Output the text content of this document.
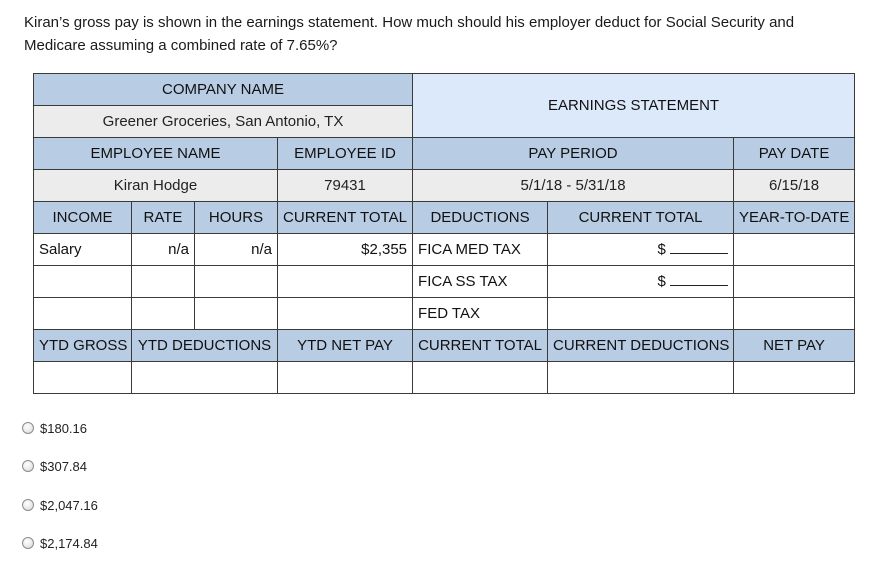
Kiran’s gross pay is shown in the earnings statement. How much should his employer deduct for Social Security and Medicare assuming a combined rate of 7.65%?
COMPANY NAME				EARNINGS STATEMENT		
Greener Groceries, San Antonio, TX						
EMPLOYEE NAME			EMPLOYEE ID	PAY PERIOD		PAY DATE
Kiran Hodge			79431	5/1/18 - 5/31/18		6/15/18
INCOME	RATE	HOURS	CURRENT TOTAL	DEDUCTIONS	CURRENT TOTAL	YEAR-TO-DATE
Salary	n/a	n/a	$2,355	FICA MED TAX	$	
				FICA SS TAX	$	
				FED TAX		
YTD GROSS	YTD DEDUCTIONS		YTD NET PAY	CURRENT TOTAL	CURRENT DEDUCTIONS	NET PAY

$180.16
$307.84
$2,047.16
$2,174.84
